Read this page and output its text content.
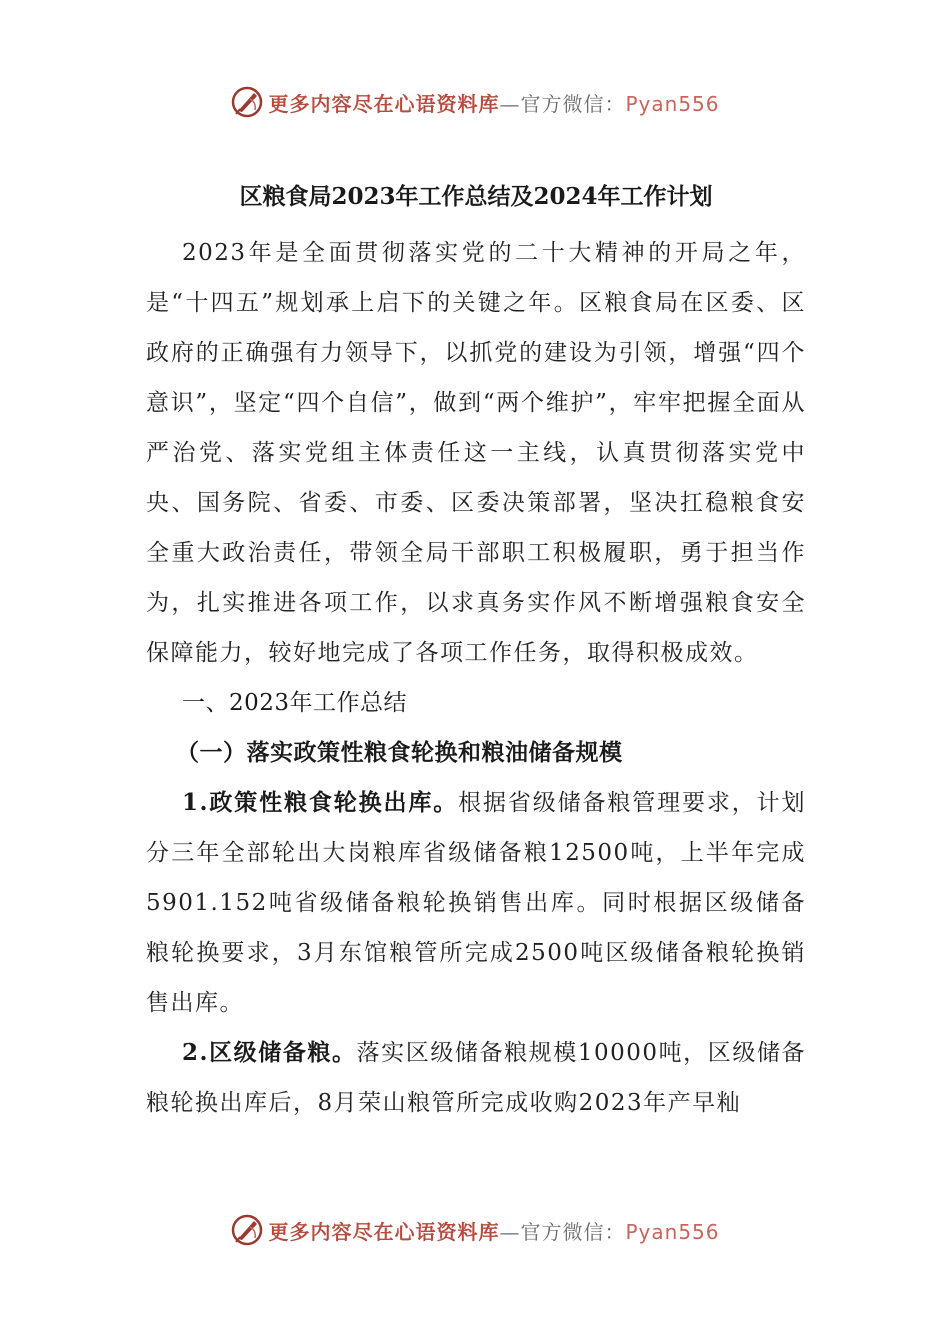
更多内容尽在心语资料库—官方微信：Pyan556
区粮食局2023年工作总结及2024年工作计划

2023年是全面贯彻落实党的二十大精神的开局之年，是“十四五”规划承上启下的关键之年。区粮食局在区委、区政府的正确强有力领导下，以抓党的建设为引领，增强“四个意识”，坚定“四个自信”，做到“两个维护”，牢牢把握全面从严治党、落实党组主体责任这一主线，认真贯彻落实党中央、国务院、省委、市委、区委决策部署，坚决扛稳粮食安全重大政治责任，带领全局干部职工积极履职，勇于担当作为，扎实推进各项工作，以求真务实作风不断增强粮食安全保障能力，较好地完成了各项工作任务，取得积极成效。

一、2023年工作总结

（一）落实政策性粮食轮换和粮油储备规模

1.政策性粮食轮换出库。根据省级储备粮管理要求，计划分三年全部轮出大岗粮库省级储备粮12500吨，上半年完成5901.152吨省级储备粮轮换销售出库。同时根据区级储备粮轮换要求，3月东馆粮管所完成2500吨区级储备粮轮换销售出库。

2.区级储备粮。落实区级储备粮规模10000吨，区级储备粮轮换出库后，8月荣山粮管所完成收购2023年产早籼

更多内容尽在心语资料库—官方微信：Pyan556
